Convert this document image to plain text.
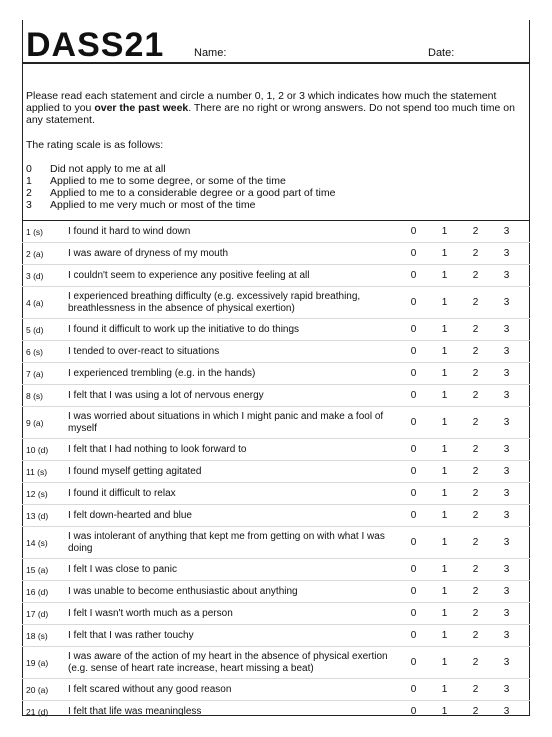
DASS21	Name:	Date:
Please read each statement and circle a number 0, 1, 2 or 3 which indicates how much the statement applied to you over the past week. There are no right or wrong answers. Do not spend too much time on any statement.
The rating scale is as follows:
0	Did not apply to me at all
1	Applied to me to some degree, or some of the time
2	Applied to me to a considerable degree or a good part of time
3	Applied to me very much or most of the time
1 (s)	I found it hard to wind down	0	1	2	3
2 (a)	I was aware of dryness of my mouth	0	1	2	3
3 (d)	I couldn't seem to experience any positive feeling at all	0	1	2	3
4 (a)
I experienced breathing difficulty (e.g. excessively rapid breathing, breathlessness in the absence of physical exertion)	0	1	2	3
5 (d)	I found it difficult to work up the initiative to do things	0	1	2	3
6 (s)	I tended to over-react to situations	0	1	2	3
7 (a)	I experienced trembling (e.g. in the hands)	0	1	2	3
8 (s)	I felt that I was using a lot of nervous energy	0	1	2	3
9 (a)
I was worried about situations in which I might panic and make a fool of myself	0	1	2	3
10 (d)	I felt that I had nothing to look forward to	0	1	2	3
11 (s)	I found myself getting agitated	0	1	2	3
12 (s)	I found it difficult to relax	0	1	2	3
13 (d)	I felt down-hearted and blue	0	1	2	3
14 (s)
I was intolerant of anything that kept me from getting on with what I was doing	0	1	2	3
15 (a)	I felt I was close to panic	0	1	2	3
16 (d)	I was unable to become enthusiastic about anything	0	1	2	3
17 (d)	I felt I wasn't worth much as a person	0	1	2	3
18 (s)	I felt that I was rather touchy	0	1	2	3
19 (a)
I was aware of the action of my heart in the absence of physical exertion (e.g. sense of heart rate increase, heart missing a beat)	0	1	2	3
20 (a)	I felt scared without any good reason	0	1	2	3
21 (d)	I felt that life was meaningless	0	1	2	3
